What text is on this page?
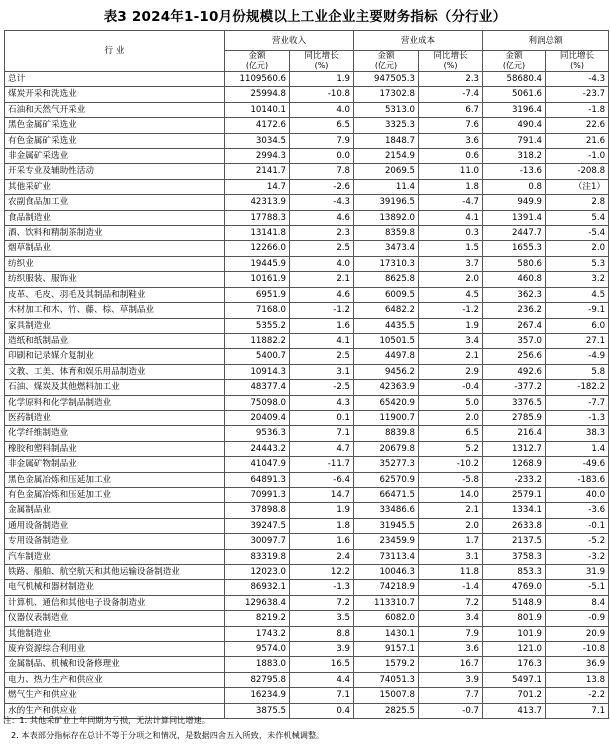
表3 2024年1-10月份规模以上工业企业主要财务指标（分行业）
行 业	营业收入		营业成本		利润总额	
	金额	同比增长	金额	同比增长	金额	同比增长
	(亿元)	(%)	(亿元)	(%)	(亿元)	(%)
总计	1109560.6	1.9	947505.3	2.3	58680.4	-4.3
煤炭开采和洗选业	25994.8	-10.8	17302.8	-7.4	5061.6	-23.7
石油和天然气开采业	10140.1	4.0	5313.0	6.7	3196.4	-1.8
黑色金属矿采选业	4172.6	6.5	3325.3	7.6	490.4	22.6
有色金属矿采选业	3034.5	7.9	1848.7	3.6	791.4	21.6
非金属矿采选业	2994.3	0.0	2154.9	0.6	318.2	-1.0
开采专业及辅助性活动	2141.7	7.8	2069.5	11.0	-13.6	-208.8
其他采矿业	14.7	-2.6	11.4	1.8	0.8	（注1）
农副食品加工业	42313.9	-4.3	39196.5	-4.7	949.9	2.8
食品制造业	17788.3	4.6	13892.0	4.1	1391.4	5.4
酒、饮料和精制茶制造业	13141.8	2.3	8359.8	0.3	2447.7	-5.4
烟草制品业	12266.0	2.5	3473.4	1.5	1655.3	2.0
纺织业	19445.9	4.0	17310.3	3.7	580.6	5.3
纺织服装、服饰业	10161.9	2.1	8625.8	2.0	460.8	3.2
皮革、毛皮、羽毛及其制品和制鞋业	6951.9	4.6	6009.5	4.5	362.3	4.5
木材加工和木、竹、藤、棕、草制品业	7168.0	-1.2	6482.2	-1.2	236.2	-9.1
家具制造业	5355.2	1.6	4435.5	1.9	267.4	6.0
造纸和纸制品业	11882.2	4.1	10501.5	3.4	357.0	27.1
印刷和记录媒介复制业	5400.7	2.5	4497.8	2.1	256.6	-4.9
文教、工美、体育和娱乐用品制造业	10914.3	3.1	9456.2	2.9	492.6	5.8
石油、煤炭及其他燃料加工业	48377.4	-2.5	42363.9	-0.4	-377.2	-182.2
化学原料和化学制品制造业	75098.0	4.3	65420.9	5.0	3376.5	-7.7
医药制造业	20409.4	0.1	11900.7	2.0	2785.9	-1.3
化学纤维制造业	9536.3	7.1	8839.8	6.5	216.4	38.3
橡胶和塑料制品业	24443.2	4.7	20679.8	5.2	1312.7	1.4
非金属矿物制品业	41047.9	-11.7	35277.3	-10.2	1268.9	-49.6
黑色金属冶炼和压延加工业	64891.3	-6.4	62570.9	-5.8	-233.2	-183.6
有色金属冶炼和压延加工业	70991.3	14.7	66471.5	14.0	2579.1	40.0
金属制品业	37898.8	1.9	33486.6	2.1	1334.1	-3.6
通用设备制造业	39247.5	1.8	31945.5	2.0	2633.8	-0.1
专用设备制造业	30097.7	1.6	23459.9	1.7	2137.5	-5.2
汽车制造业	83319.8	2.4	73113.4	3.1	3758.3	-3.2
铁路、船舶、航空航天和其他运输设备制造业	12023.0	12.2	10046.3	11.8	853.3	31.9
电气机械和器材制造业	86932.1	-1.3	74218.9	-1.4	4769.0	-5.1
计算机、通信和其他电子设备制造业	129638.4	7.2	113310.7	7.2	5148.9	8.4
仪器仪表制造业	8219.2	3.5	6082.0	3.4	801.9	-0.9
其他制造业	1743.2	8.8	1430.1	7.9	101.9	20.9
废弃资源综合利用业	9574.0	3.9	9157.1	3.6	121.0	-10.8
金属制品、机械和设备修理业	1883.0	16.5	1579.2	16.7	176.3	36.9
电力、热力生产和供应业	82795.8	4.4	74051.3	3.9	5497.1	13.8
燃气生产和供应业	16234.9	7.1	15007.8	7.7	701.2	-2.2
水的生产和供应业	3875.5	0.4	2825.5	-0.7	413.7	7.1
注：1. 其他采矿业上年同期为亏损，无法计算同比增速。
2. 本表部分指标存在总计不等于分项之和情况，是数据四舍五入所致，未作机械调整。
